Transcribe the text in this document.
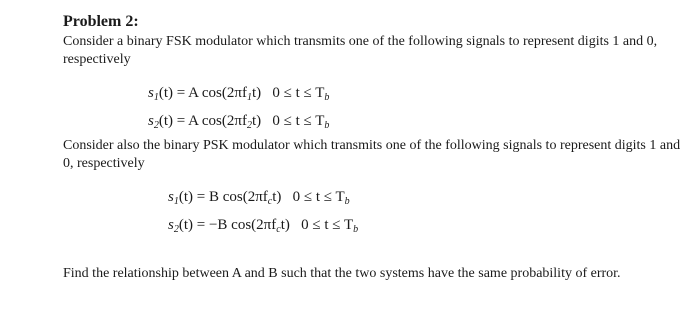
Problem 2:
Consider a binary FSK modulator which transmits one of the following signals to represent digits 1 and 0, respectively
$s_1(t) = A$ $\cos(2\pi f_1t) 0 \le t \le T_b$
$s_2(t) = A$ $\cos(2\pi f_2t) 0 \le t \le T_b$
Consider also the binary PSK modulator which transmits one of the following signals to represent digits 1 and 0, respectively
$s_1(t) = B$ $\cos(2\pi f_ct) 0 \le t \le T_b$
$s_2(t) = -B$ $\cos(2\pi f_ct) 0 \le t \le T_b$
Find the relationship between A and B such that the two systems have the same probability of error.
